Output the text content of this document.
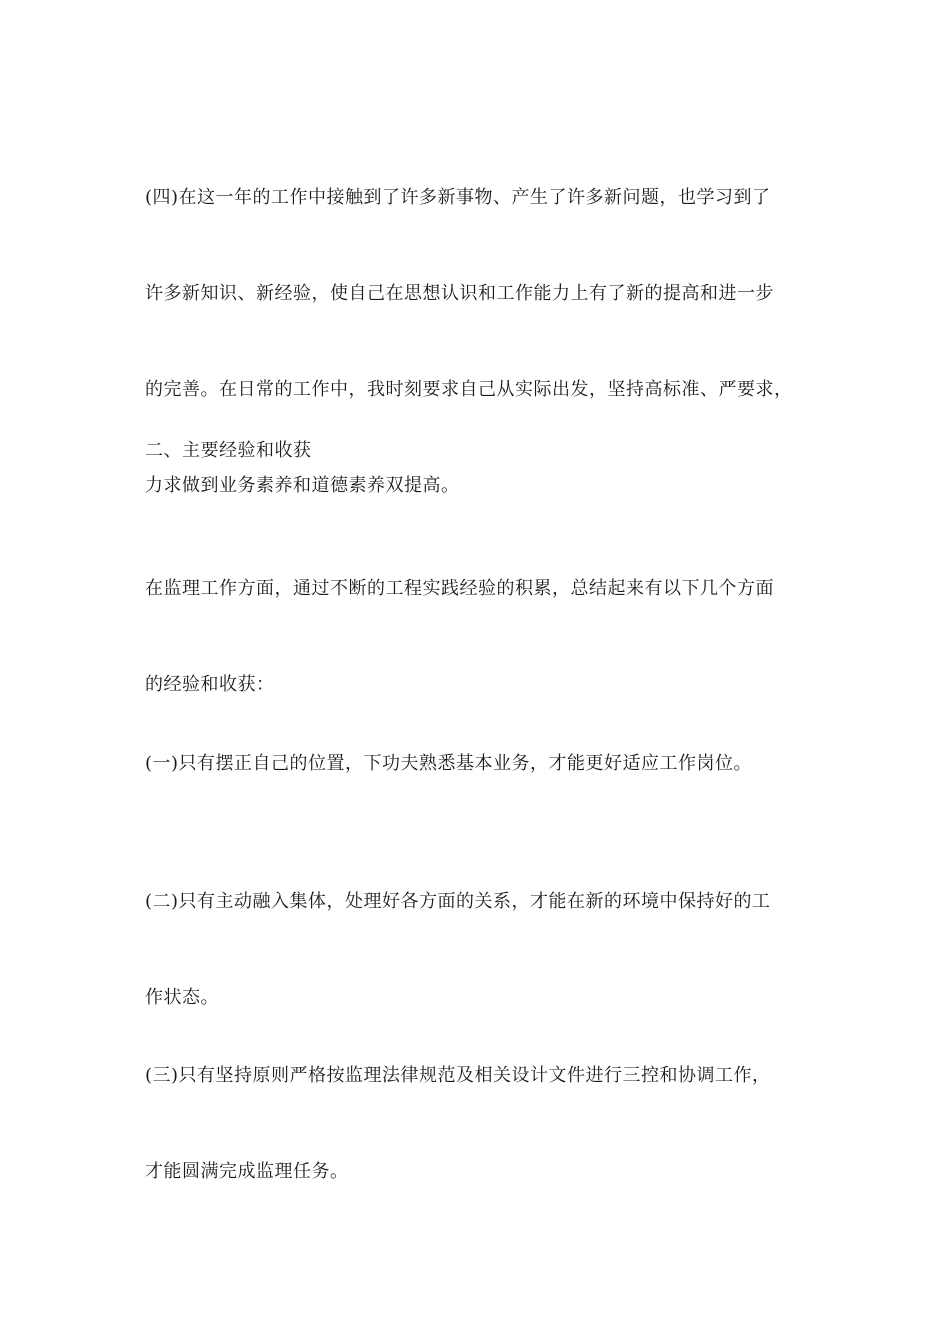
(四)在这一年的工作中接触到了许多新事物、产生了许多新问题，也学习到了

许多新知识、新经验，使自己在思想认识和工作能力上有了新的提高和进一步

的完善。在日常的工作中，我时刻要求自己从实际出发，坚持高标准、严要求，

力求做到业务素养和道德素养双提高。

二、主要经验和收获

在监理工作方面，通过不断的工程实践经验的积累，总结起来有以下几个方面

的经验和收获：

(一)只有摆正自己的位置，下功夫熟悉基本业务，才能更好适应工作岗位。

(二)只有主动融入集体，处理好各方面的关系，才能在新的环境中保持好的工

作状态。

(三)只有坚持原则严格按监理法律规范及相关设计文件进行三控和协调工作，

才能圆满完成监理任务。
